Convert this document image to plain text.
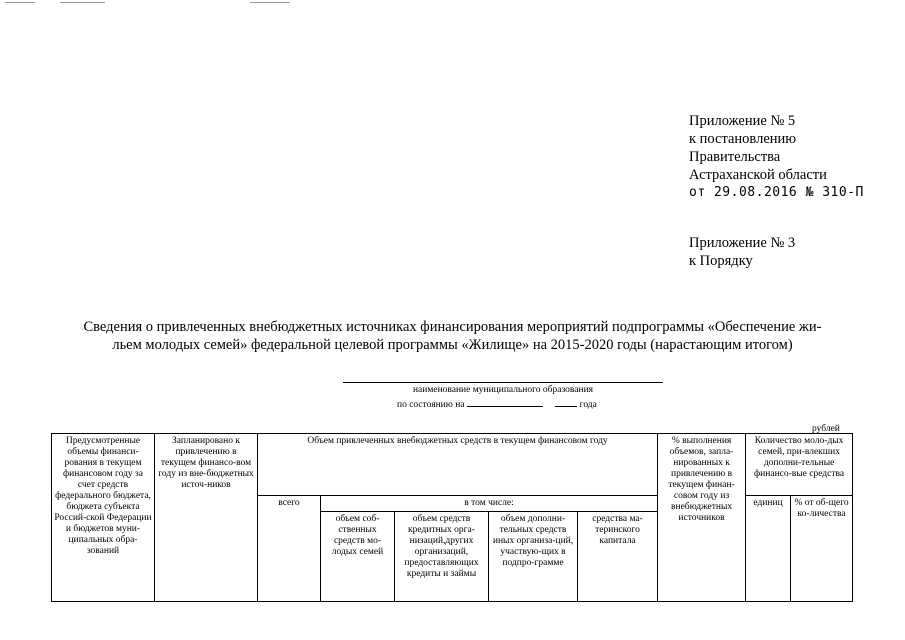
Приложение № 5
к постановлению
Правительства
Астраханской области
от 29.08.2016 № 310-П
Приложение № 3
к Порядку
Сведения о привлеченных внебюджетных источниках финансирования мероприятий подпрограммы «Обеспечение жи-
льем молодых семей» федеральной целевой программы «Жилище» на 2015-2020 годы (нарастающим итогом)
наименование муниципального образования
по состоянию на	года
рублей
Предусмотренные объемы финанси-рования в текущем финансовом году за счет средств федерального бюджета, бюджета субъекта Россий-ской Федерации и бюджетов муни-ципальных обра-зований	Запланировано к привлечению в текущем финансо-вом году из вне-бюджетных источ-ников	Объем привлеченных внебюджетных средств в текущем финансовом году					% выполнения объемов, запла-нированных к привлечению в текущем финан-совом году из внебюджетных источников	Количество моло-дых семей, при-влекших дополни-тельные финансо-вые средства	
		всего	в том числе:					единиц	% от об-щего ко-личества
			объем соб-ственных средств мо-лодых семей	объем средств кредитных орга-низаций,других организаций, предоставляющих кредиты и займы	объем дополни-тельных средств иных организа-ций, участвую-щих в подпро-грамме	средства ма-теринского капитала			
